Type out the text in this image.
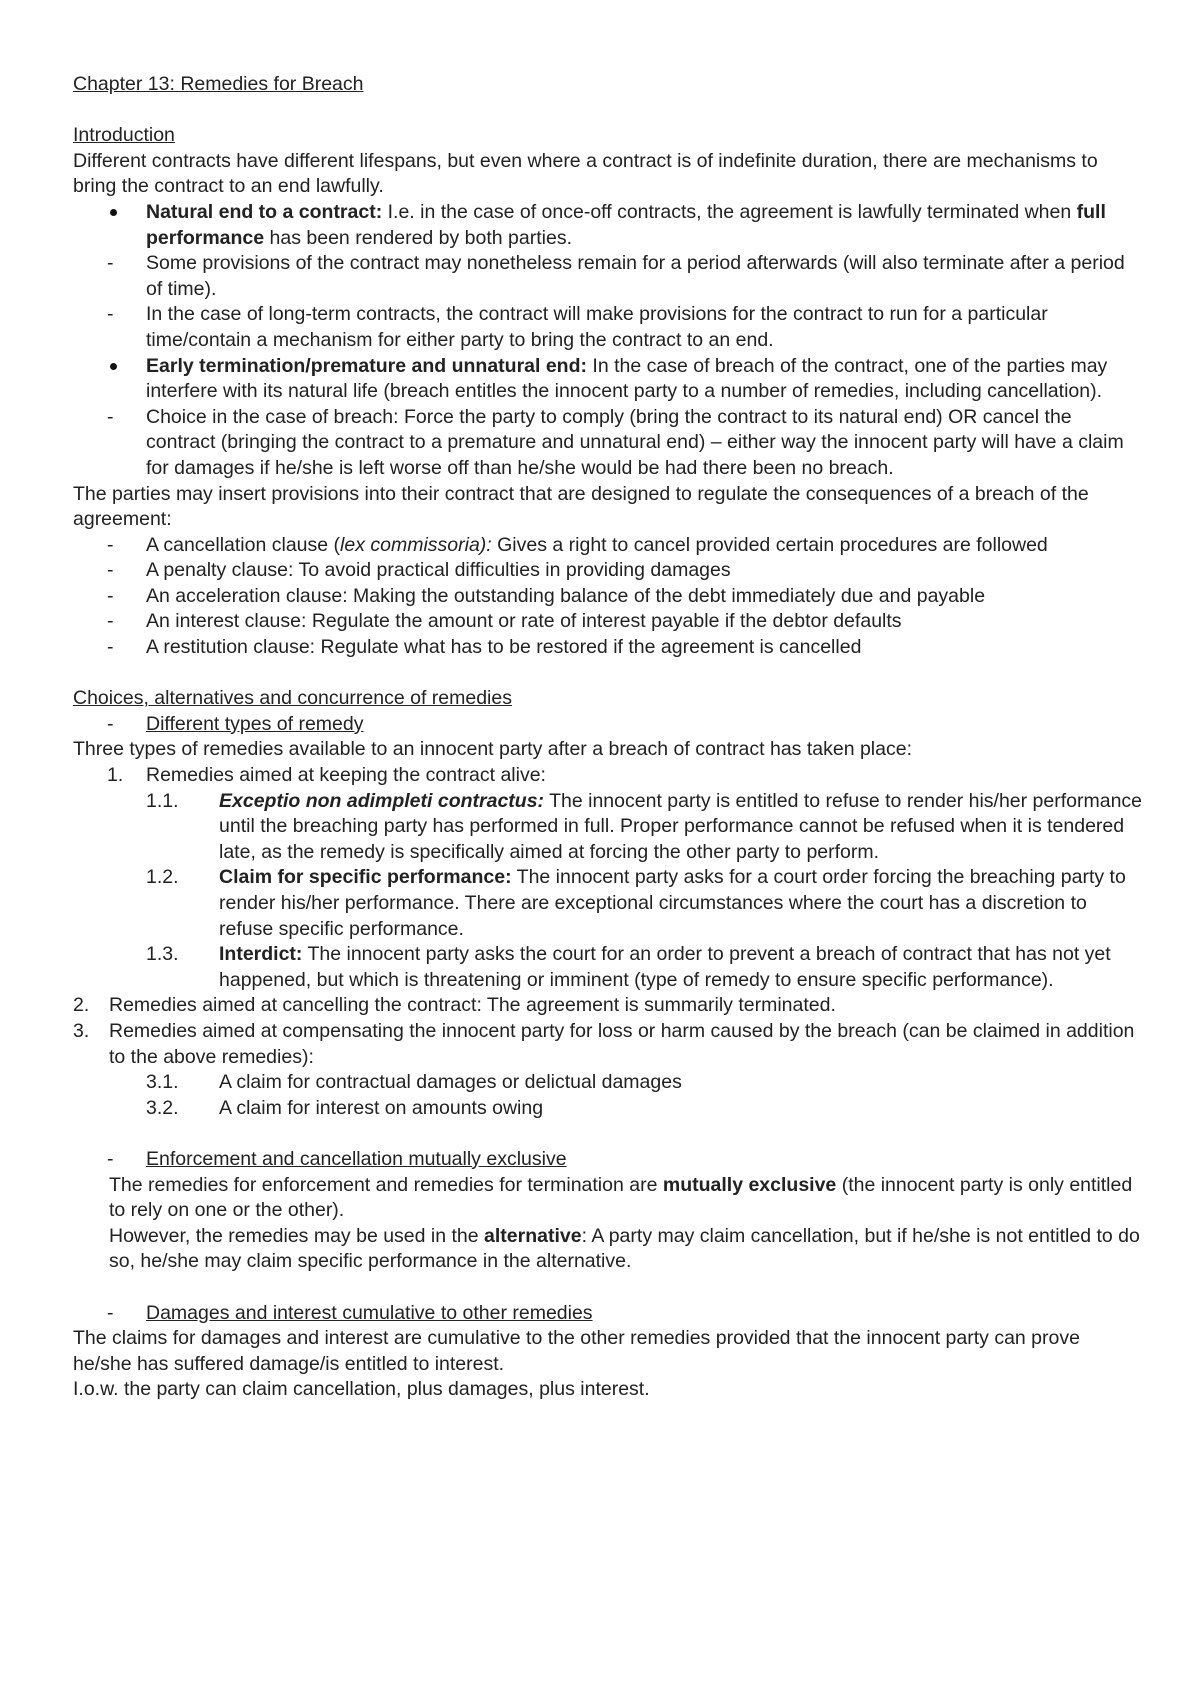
Chapter 13: Remedies for Breach

Introduction

Different contracts have different lifespans, but even where a contract is of indefinite duration, there are mechanisms to bring the contract to an end lawfully.

Natural end to a contract: I.e. in the case of once-off contracts, the agreement is lawfully terminated when full performance has been rendered by both parties.
- Some provisions of the contract may nonetheless remain for a period afterwards (will also terminate after a period of time).
- In the case of long-term contracts, the contract will make provisions for the contract to run for a particular time/contain a mechanism for either party to bring the contract to an end.
Early termination/premature and unnatural end: In the case of breach of the contract, one of the parties may interfere with its natural life (breach entitles the innocent party to a number of remedies, including cancellation).
- Choice in the case of breach: Force the party to comply (bring the contract to its natural end) OR cancel the contract (bringing the contract to a premature and unnatural end) – either way the innocent party will have a claim for damages if he/she is left worse off than he/she would be had there been no breach.

The parties may insert provisions into their contract that are designed to regulate the consequences of a breach of the agreement:

- A cancellation clause (lex commissoria): Gives a right to cancel provided certain procedures are followed
- A penalty clause: To avoid practical difficulties in providing damages
- An acceleration clause: Making the outstanding balance of the debt immediately due and payable
- An interest clause: Regulate the amount or rate of interest payable if the debtor defaults
- A restitution clause: Regulate what has to be restored if the agreement is cancelled

Choices, alternatives and concurrence of remedies

- Different types of remedy

Three types of remedies available to an innocent party after a breach of contract has taken place:

1. Remedies aimed at keeping the contract alive:
1.1. Exceptio non adimpleti contractus: The innocent party is entitled to refuse to render his/her performance until the breaching party has performed in full. Proper performance cannot be refused when it is tendered late, as the remedy is specifically aimed at forcing the other party to perform.
1.2. Claim for specific performance: The innocent party asks for a court order forcing the breaching party to render his/her performance. There are exceptional circumstances where the court has a discretion to refuse specific performance.
1.3. Interdict: The innocent party asks the court for an order to prevent a breach of contract that has not yet happened, but which is threatening or imminent (type of remedy to ensure specific performance).
2. Remedies aimed at cancelling the contract: The agreement is summarily terminated.
3. Remedies aimed at compensating the innocent party for loss or harm caused by the breach (can be claimed in addition to the above remedies):
3.1. A claim for contractual damages or delictual damages
3.2. A claim for interest on amounts owing
- Enforcement and cancellation mutually exclusive

The remedies for enforcement and remedies for termination are mutually exclusive (the innocent party is only entitled to rely on one or the other).

However, the remedies may be used in the alternative: A party may claim cancellation, but if he/she is not entitled to do so, he/she may claim specific performance in the alternative.

- Damages and interest cumulative to other remedies

The claims for damages and interest are cumulative to the other remedies provided that the innocent party can prove he/she has suffered damage/is entitled to interest.

I.o.w. the party can claim cancellation, plus damages, plus interest.
